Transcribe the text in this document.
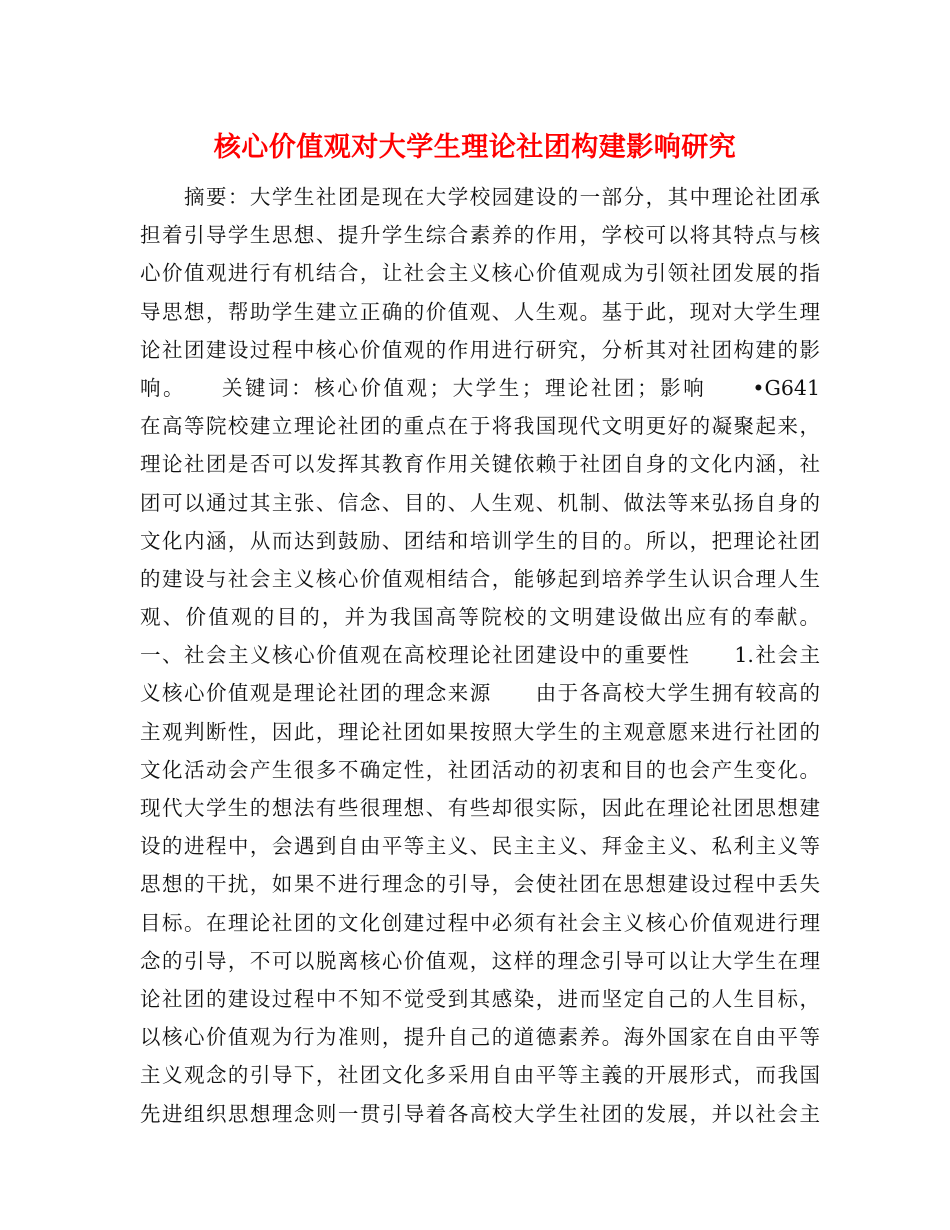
核心价值观对大学生理论社团构建影响研究
　　摘要：大学生社团是现在大学校园建设的一部分，其中理论社团承
担着引导学生思想、提升学生综合素养的作用，学校可以将其特点与核
心价值观进行有机结合，让社会主义核心价值观成为引领社团发展的指
导思想，帮助学生建立正确的价值观、人生观。基于此，现对大学生理
论社团建设过程中核心价值观的作用进行研究，分析其对社团构建的影
响。　　关键词：核心价值观；大学生；理论社团；影响　　•G641
在高等院校建立理论社团的重点在于将我国现代文明更好的凝聚起来，
理论社团是否可以发挥其教育作用关键依赖于社团自身的文化内涵，社
团可以通过其主张、信念、目的、人生观、机制、做法等来弘扬自身的
文化内涵，从而达到鼓励、团结和培训学生的目的。所以，把理论社团
的建设与社会主义核心价值观相结合，能够起到培养学生认识合理人生
观、价值观的目的，并为我国高等院校的文明建设做出应有的奉献。
一、社会主义核心价值观在高校理论社团建设中的重要性　　1.社会主
义核心价值观是理论社团的理念来源　　由于各高校大学生拥有较高的
主观判断性，因此，理论社团如果按照大学生的主观意愿来进行社团的
文化活动会产生很多不确定性，社团活动的初衷和目的也会产生变化。
现代大学生的想法有些很理想、有些却很实际，因此在理论社团思想建
设的进程中，会遇到自由平等主义、民主主义、拜金主义、私利主义等
思想的干扰，如果不进行理念的引导，会使社团在思想建设过程中丢失
目标。在理论社团的文化创建过程中必须有社会主义核心价值观进行理
念的引导，不可以脱离核心价值观，这样的理念引导可以让大学生在理
论社团的建设过程中不知不觉受到其感染，进而坚定自己的人生目标，
以核心价值观为行为准则，提升自己的道德素养。海外国家在自由平等
主义观念的引导下，社团文化多采用自由平等主義的开展形式，而我国
先进组织思想理念则一贯引导着各高校大学生社团的发展，并以社会主
